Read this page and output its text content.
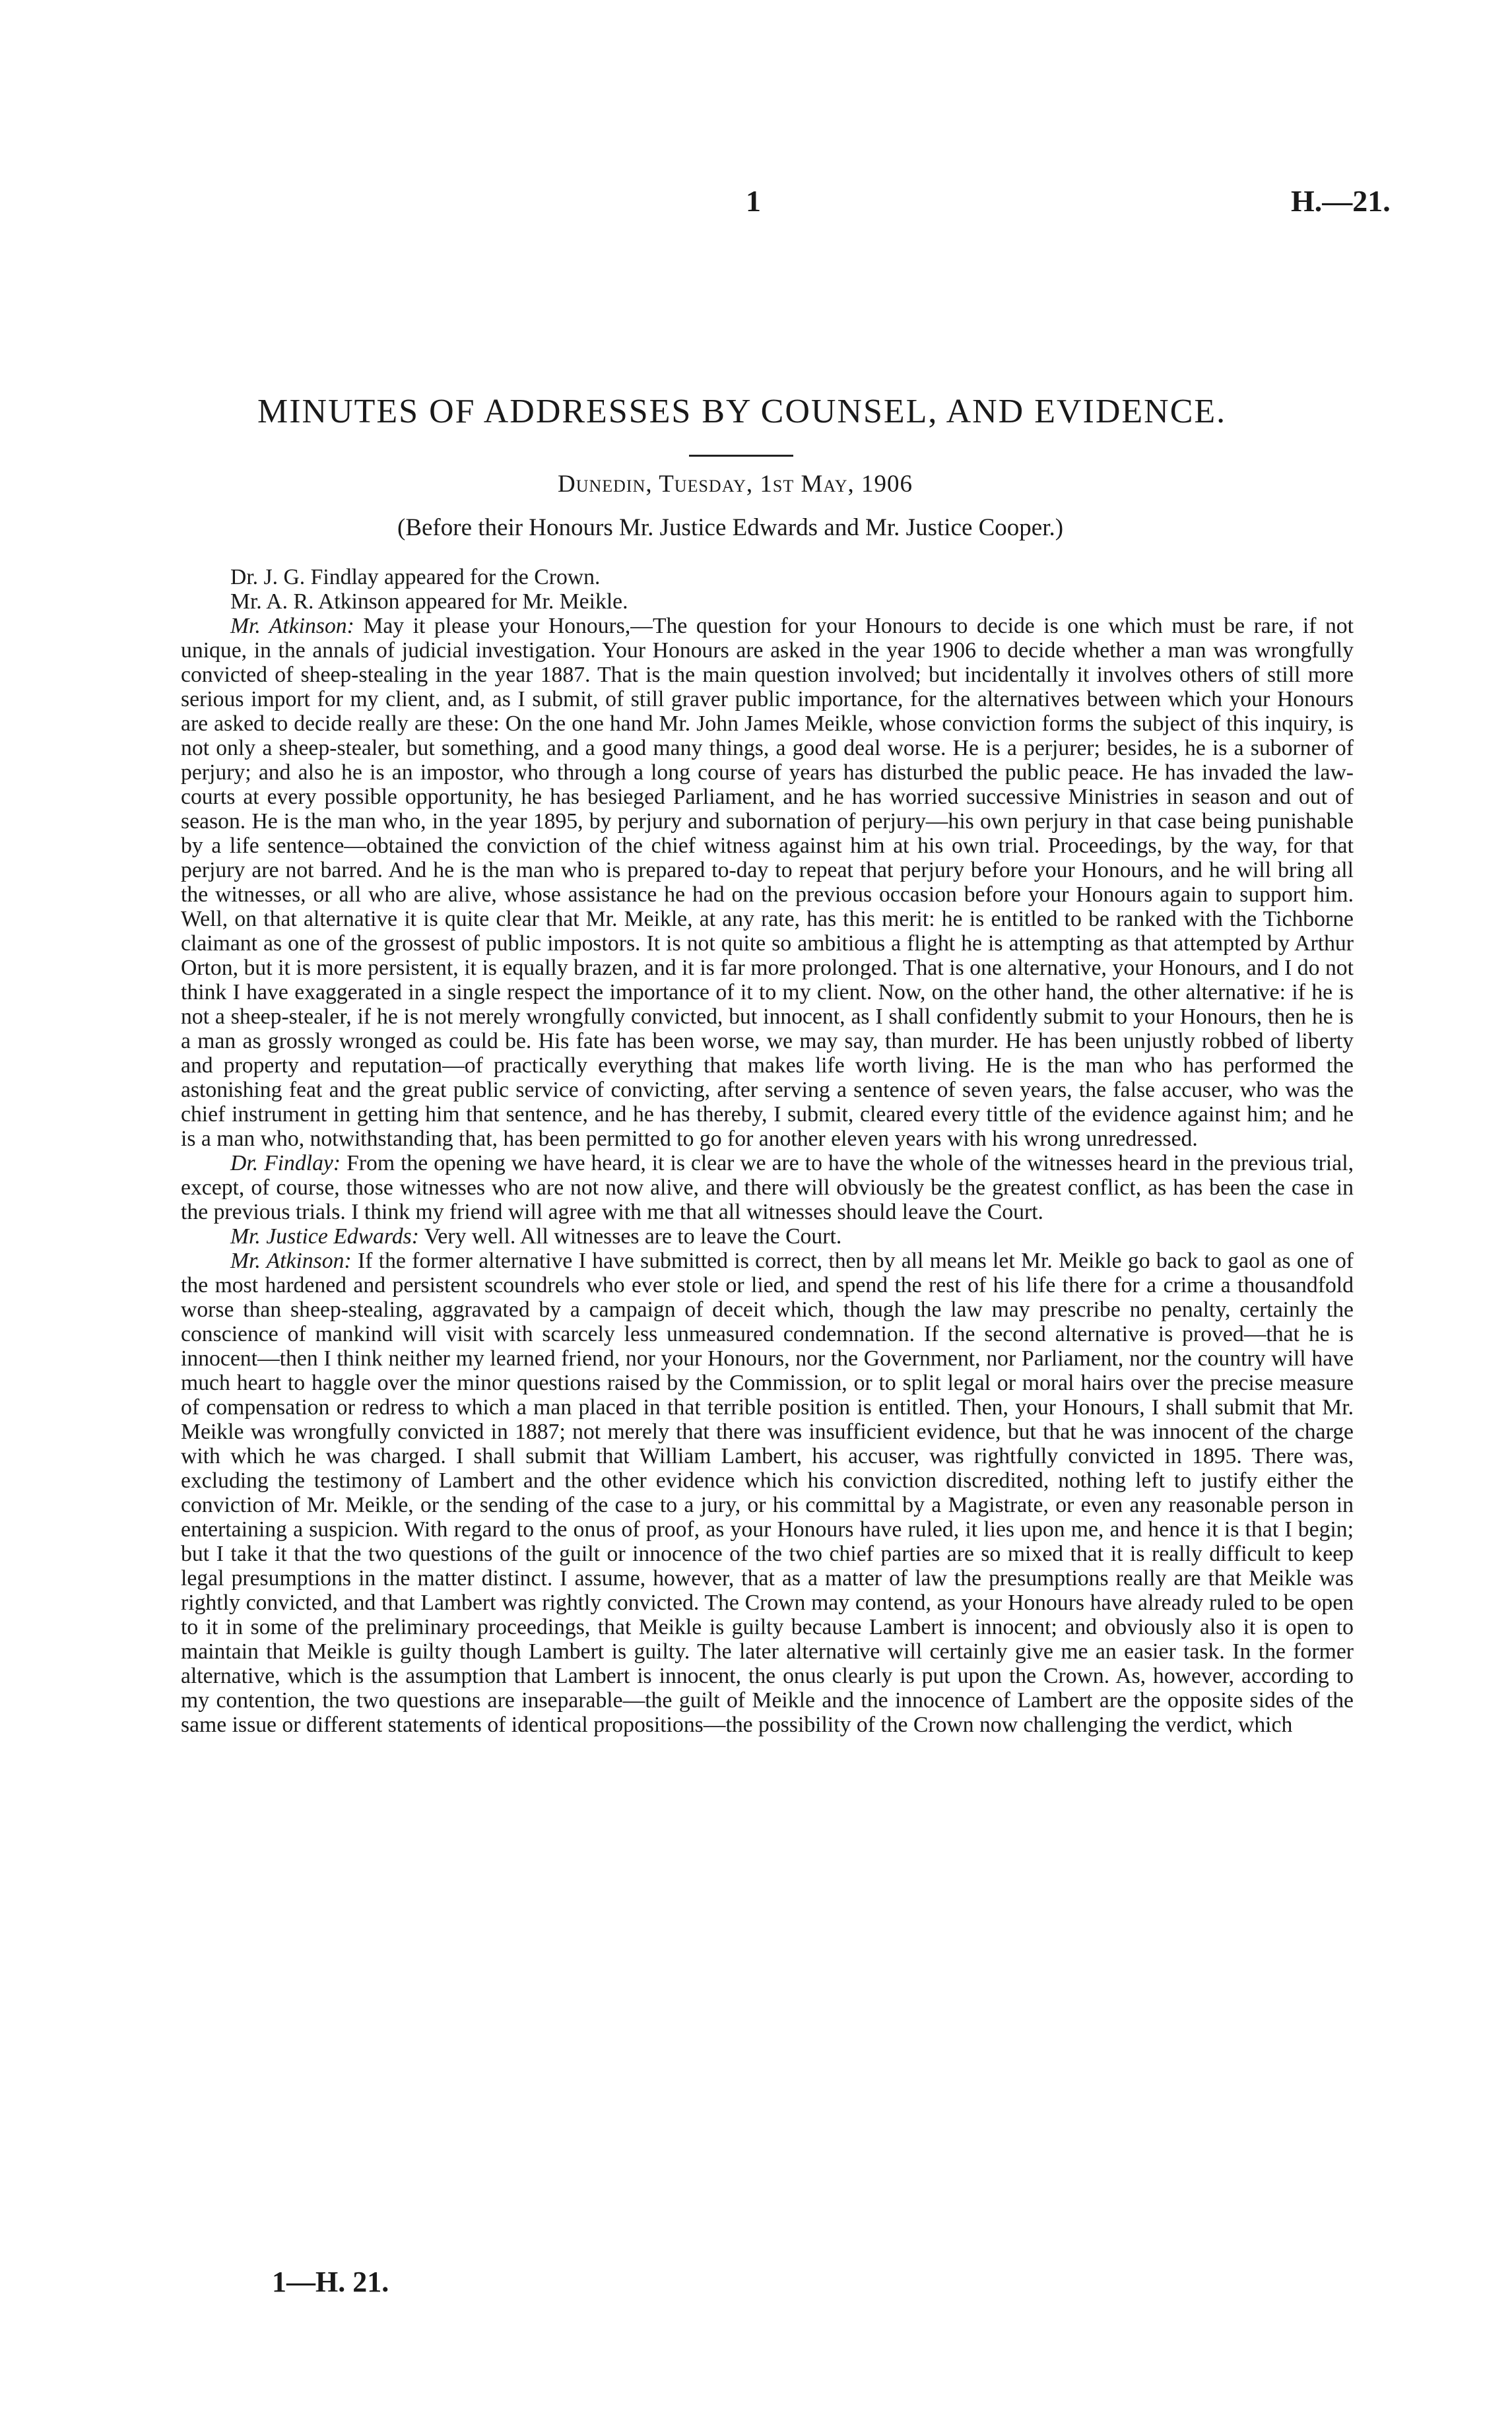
1	H.—21.
MINUTES OF ADDRESSES BY COUNSEL, AND EVIDENCE.
Dunedin, Tuesday, 1st May, 1906
(Before their Honours Mr. Justice Edwards and Mr. Justice Cooper.)

Dr. J. G. Findlay appeared for the Crown.

Mr. A. R. Atkinson appeared for Mr. Meikle.

Mr. Atkinson: May it please your Honours,—The question for your Honours to decide is one which must be rare, if not unique, in the annals of judicial investigation. Your Honours are asked in the year 1906 to decide whether a man was wrongfully convicted of sheep-stealing in the year 1887. That is the main question involved; but incidentally it involves others of still more serious import for my client, and, as I submit, of still graver public importance, for the alternatives between which your Honours are asked to decide really are these: On the one hand Mr. John James Meikle, whose conviction forms the subject of this inquiry, is not only a sheep-stealer, but something, and a good many things, a good deal worse. He is a perjurer; besides, he is a suborner of perjury; and also he is an impostor, who through a long course of years has disturbed the public peace. He has invaded the law-courts at every possible opportunity, he has besieged Parliament, and he has worried successive Ministries in season and out of season. He is the man who, in the year 1895, by perjury and subornation of perjury—his own perjury in that case being punishable by a life sentence—obtained the conviction of the chief witness against him at his own trial. Proceedings, by the way, for that perjury are not barred. And he is the man who is prepared to-day to repeat that perjury before your Honours, and he will bring all the witnesses, or all who are alive, whose assistance he had on the previous occasion before your Honours again to support him. Well, on that alternative it is quite clear that Mr. Meikle, at any rate, has this merit: he is entitled to be ranked with the Tichborne claimant as one of the grossest of public impostors. It is not quite so ambitious a flight he is attempting as that attempted by Arthur Orton, but it is more persistent, it is equally brazen, and it is far more prolonged. That is one alternative, your Honours, and I do not think I have exaggerated in a single respect the importance of it to my client. Now, on the other hand, the other alternative: if he is not a sheep-stealer, if he is not merely wrongfully convicted, but innocent, as I shall confidently submit to your Honours, then he is a man as grossly wronged as could be. His fate has been worse, we may say, than murder. He has been unjustly robbed of liberty and property and reputation—of practically everything that makes life worth living. He is the man who has performed the astonishing feat and the great public service of convicting, after serving a sentence of seven years, the false accuser, who was the chief instrument in getting him that sentence, and he has thereby, I submit, cleared every tittle of the evidence against him; and he is a man who, notwithstanding that, has been permitted to go for another eleven years with his wrong unredressed.

Dr. Findlay: From the opening we have heard, it is clear we are to have the whole of the witnesses heard in the previous trial, except, of course, those witnesses who are not now alive, and there will obviously be the greatest conflict, as has been the case in the previous trials. I think my friend will agree with me that all witnesses should leave the Court.

Mr. Justice Edwards: Very well. All witnesses are to leave the Court.

Mr. Atkinson: If the former alternative I have submitted is correct, then by all means let Mr. Meikle go back to gaol as one of the most hardened and persistent scoundrels who ever stole or lied, and spend the rest of his life there for a crime a thousandfold worse than sheep-stealing, aggravated by a campaign of deceit which, though the law may prescribe no penalty, certainly the conscience of mankind will visit with scarcely less unmeasured condemnation. If the second alternative is proved—that he is innocent—then I think neither my learned friend, nor your Honours, nor the Government, nor Parliament, nor the country will have much heart to haggle over the minor questions raised by the Commission, or to split legal or moral hairs over the precise measure of compensation or redress to which a man placed in that terrible position is entitled. Then, your Honours, I shall submit that Mr. Meikle was wrongfully convicted in 1887; not merely that there was insufficient evidence, but that he was innocent of the charge with which he was charged. I shall submit that William Lambert, his accuser, was rightfully convicted in 1895. There was, excluding the testimony of Lambert and the other evidence which his conviction discredited, nothing left to justify either the conviction of Mr. Meikle, or the sending of the case to a jury, or his committal by a Magistrate, or even any reasonable person in entertaining a suspicion. With regard to the onus of proof, as your Honours have ruled, it lies upon me, and hence it is that I begin; but I take it that the two questions of the guilt or innocence of the two chief parties are so mixed that it is really difficult to keep legal presumptions in the matter distinct. I assume, however, that as a matter of law the presumptions really are that Meikle was rightly convicted, and that Lambert was rightly convicted. The Crown may contend, as your Honours have already ruled to be open to it in some of the preliminary proceedings, that Meikle is guilty because Lambert is innocent; and obviously also it is open to maintain that Meikle is guilty though Lambert is guilty. The later alternative will certainly give me an easier task. In the former alternative, which is the assumption that Lambert is innocent, the onus clearly is put upon the Crown. As, however, according to my contention, the two questions are inseparable—the guilt of Meikle and the innocence of Lambert are the opposite sides of the same issue or different statements of identical propositions—the possibility of the Crown now challenging the verdict, which

1—H. 21.
